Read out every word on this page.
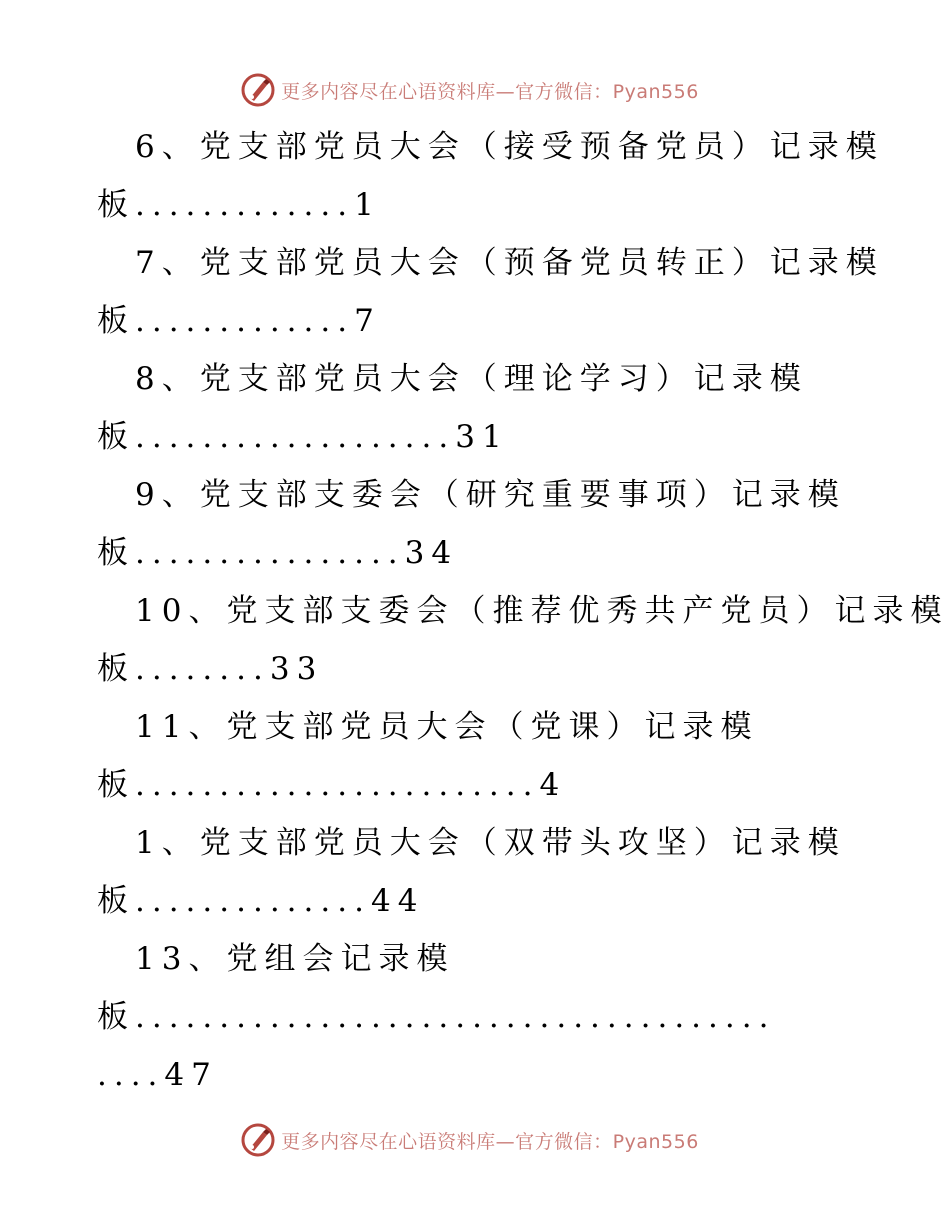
更多内容尽在心语资料库—官方微信：Pyan556
6、党支部党员大会（接受预备党员）记录模
板.............1
7、党支部党员大会（预备党员转正）记录模
板.............7
8、党支部党员大会（理论学习）记录模
板...................31
9、党支部支委会（研究重要事项）记录模
板................34
10、党支部支委会（推荐优秀共产党员）记录模
板........33
11、党支部党员大会（党课）记录模
板........................4
1、党支部党员大会（双带头攻坚）记录模
板..............44
13、党组会记录模
板......................................
....47
更多内容尽在心语资料库—官方微信：Pyan556
